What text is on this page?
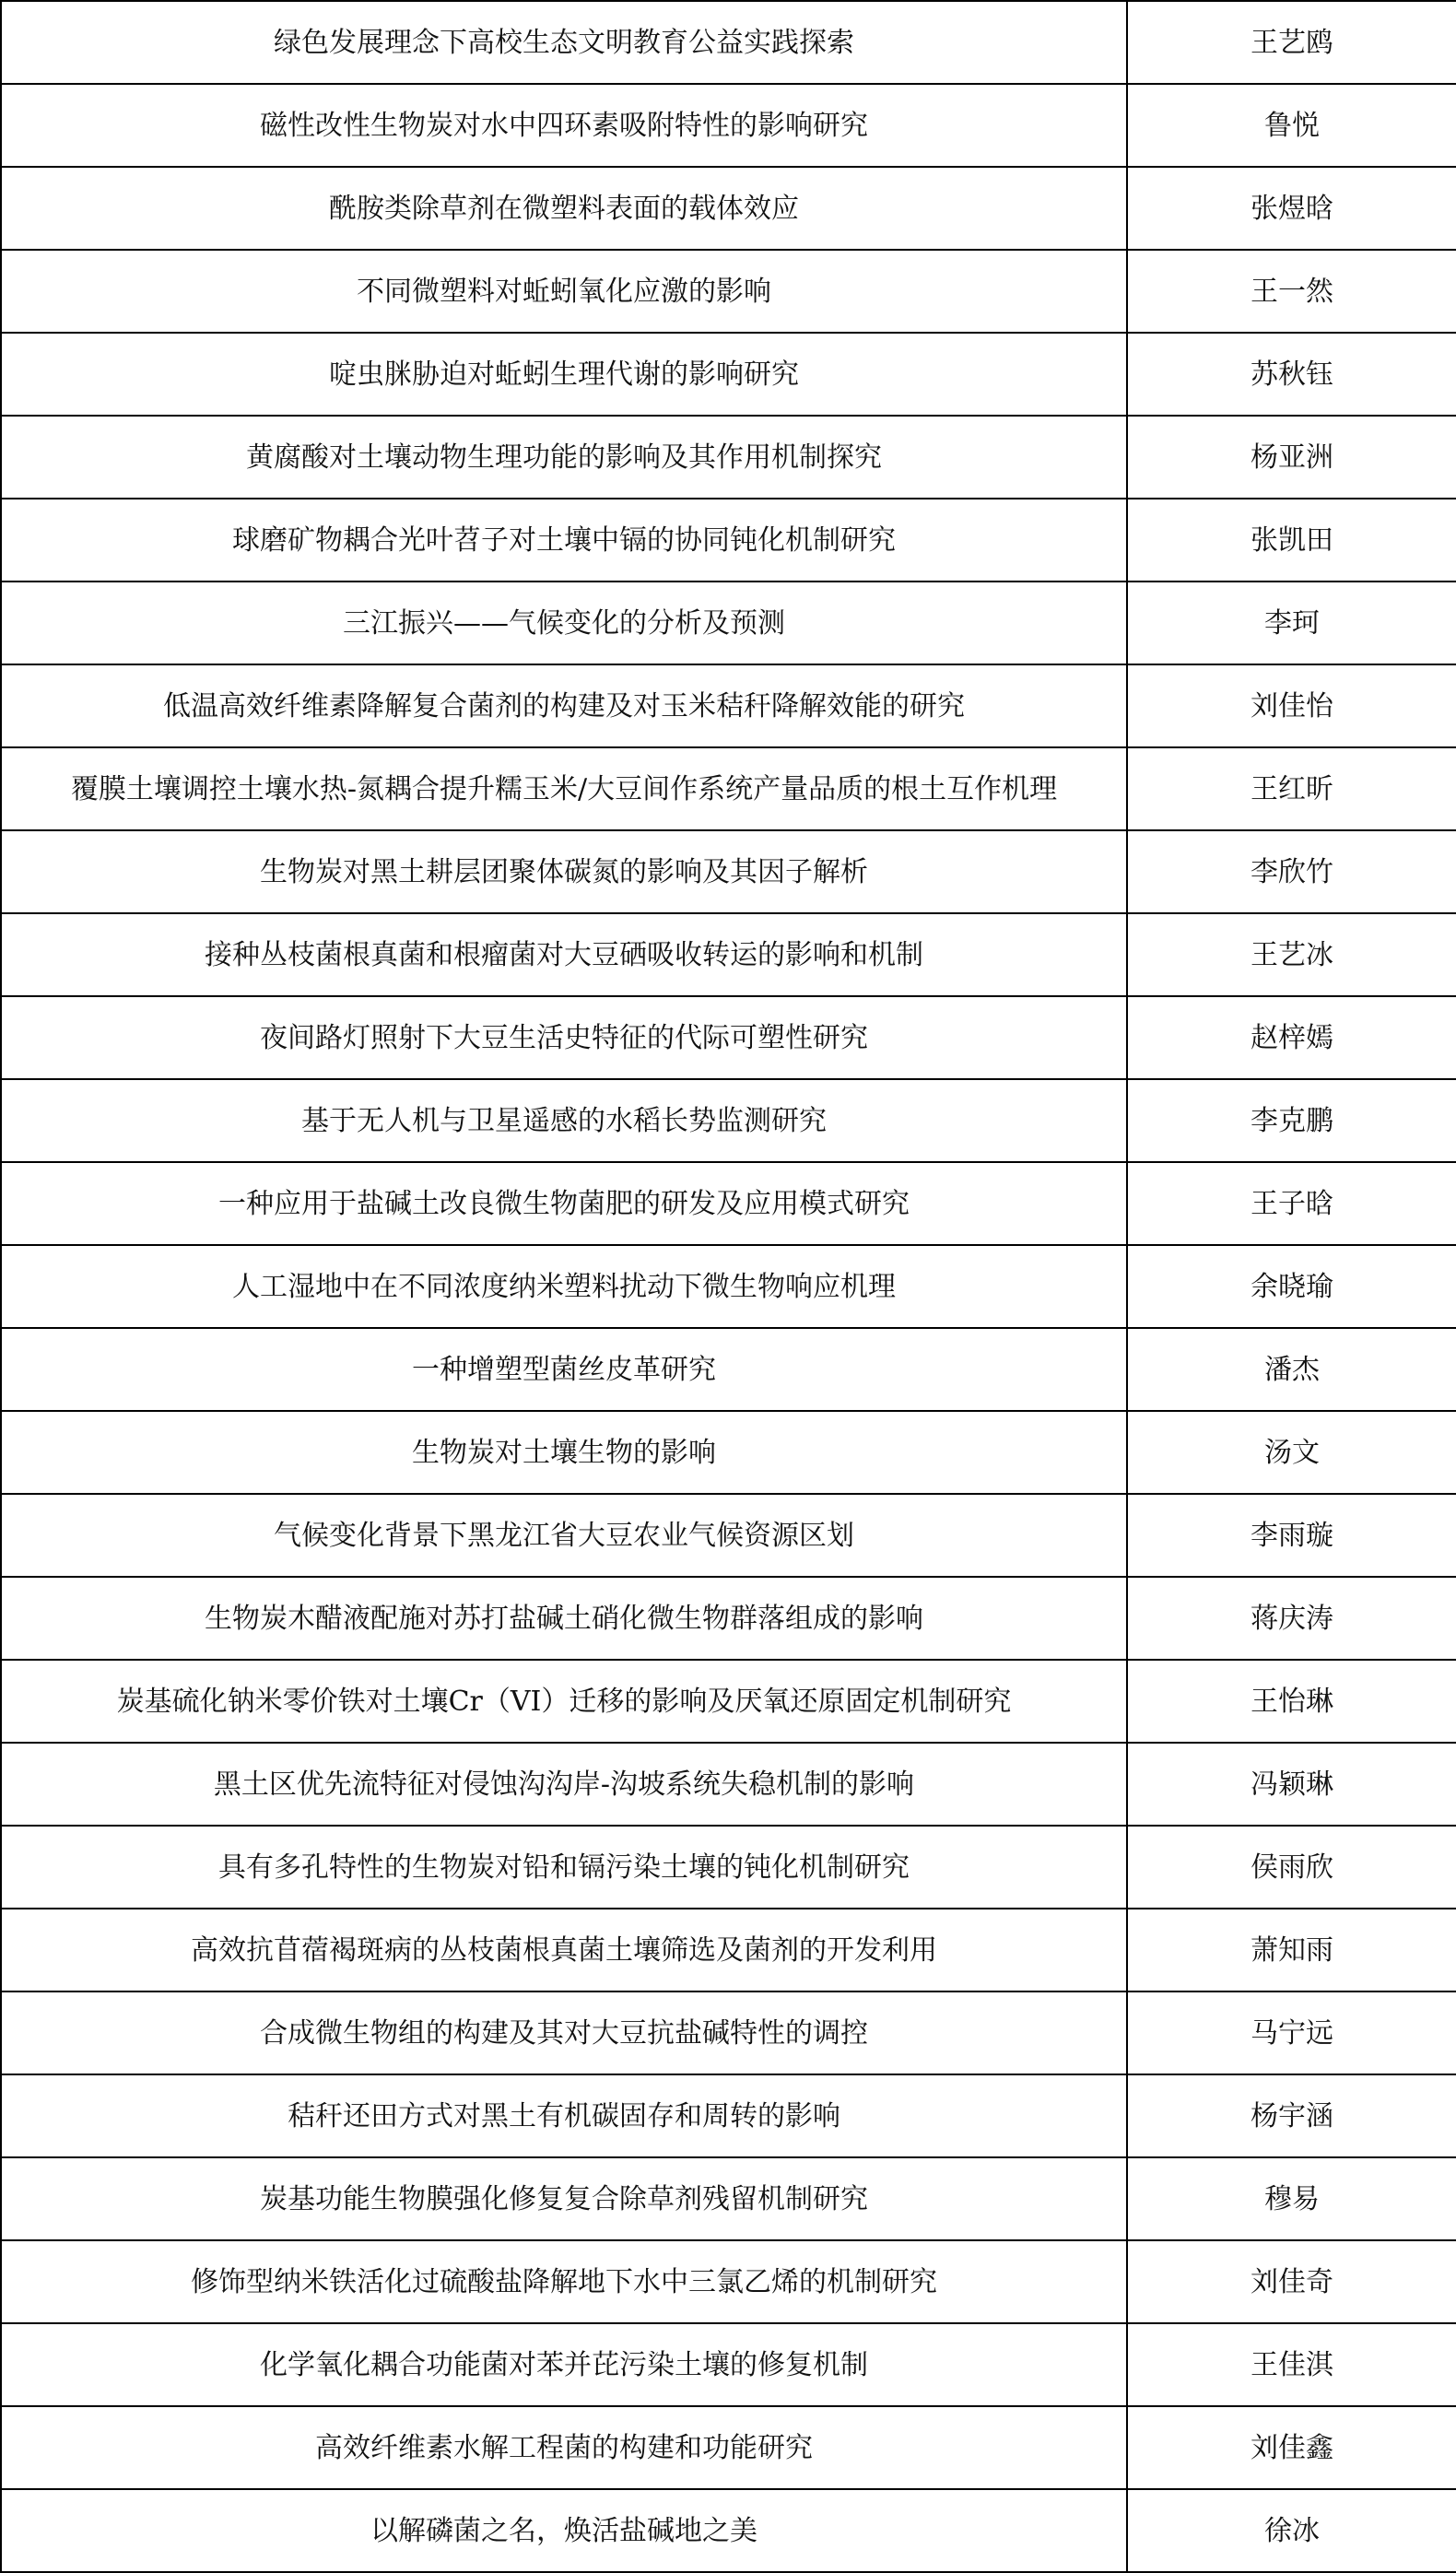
绿色发展理念下高校生态文明教育公益实践探索	王艺鸥
磁性改性生物炭对水中四环素吸附特性的影响研究	鲁悦
酰胺类除草剂在微塑料表面的载体效应	张煜晗
不同微塑料对蚯蚓氧化应激的影响	王一然
啶虫脒胁迫对蚯蚓生理代谢的影响研究	苏秋钰
黄腐酸对土壤动物生理功能的影响及其作用机制探究	杨亚洲
球磨矿物耦合光叶苕子对土壤中镉的协同钝化机制研究	张凯田
三江振兴——气候变化的分析及预测	李珂
低温高效纤维素降解复合菌剂的构建及对玉米秸秆降解效能的研究	刘佳怡
覆膜土壤调控土壤水热-氮耦合提升糯玉米/大豆间作系统产量品质的根土互作机理	王红昕
生物炭对黑土耕层团聚体碳氮的影响及其因子解析	李欣竹
接种丛枝菌根真菌和根瘤菌对大豆硒吸收转运的影响和机制	王艺冰
夜间路灯照射下大豆生活史特征的代际可塑性研究	赵梓嫣
基于无人机与卫星遥感的水稻长势监测研究	李克鹏
一种应用于盐碱土改良微生物菌肥的研发及应用模式研究	王子晗
人工湿地中在不同浓度纳米塑料扰动下微生物响应机理	余晓瑜
一种增塑型菌丝皮革研究	潘杰
生物炭对土壤生物的影响	汤文
气候变化背景下黑龙江省大豆农业气候资源区划	李雨璇
生物炭木醋液配施对苏打盐碱土硝化微生物群落组成的影响	蒋庆涛
炭基硫化钠米零价铁对土壤Cr（VI）迁移的影响及厌氧还原固定机制研究	王怡琳
黑土区优先流特征对侵蚀沟沟岸-沟坡系统失稳机制的影响	冯颖琳
具有多孔特性的生物炭对铅和镉污染土壤的钝化机制研究	侯雨欣
高效抗苜蓿褐斑病的丛枝菌根真菌土壤筛选及菌剂的开发利用	萧知雨
合成微生物组的构建及其对大豆抗盐碱特性的调控	马宁远
秸秆还田方式对黑土有机碳固存和周转的影响	杨宇涵
炭基功能生物膜强化修复复合除草剂残留机制研究	穆易
修饰型纳米铁活化过硫酸盐降解地下水中三氯乙烯的机制研究	刘佳奇
化学氧化耦合功能菌对苯并芘污染土壤的修复机制	王佳淇
高效纤维素水解工程菌的构建和功能研究	刘佳鑫
以解磷菌之名，焕活盐碱地之美	徐冰
